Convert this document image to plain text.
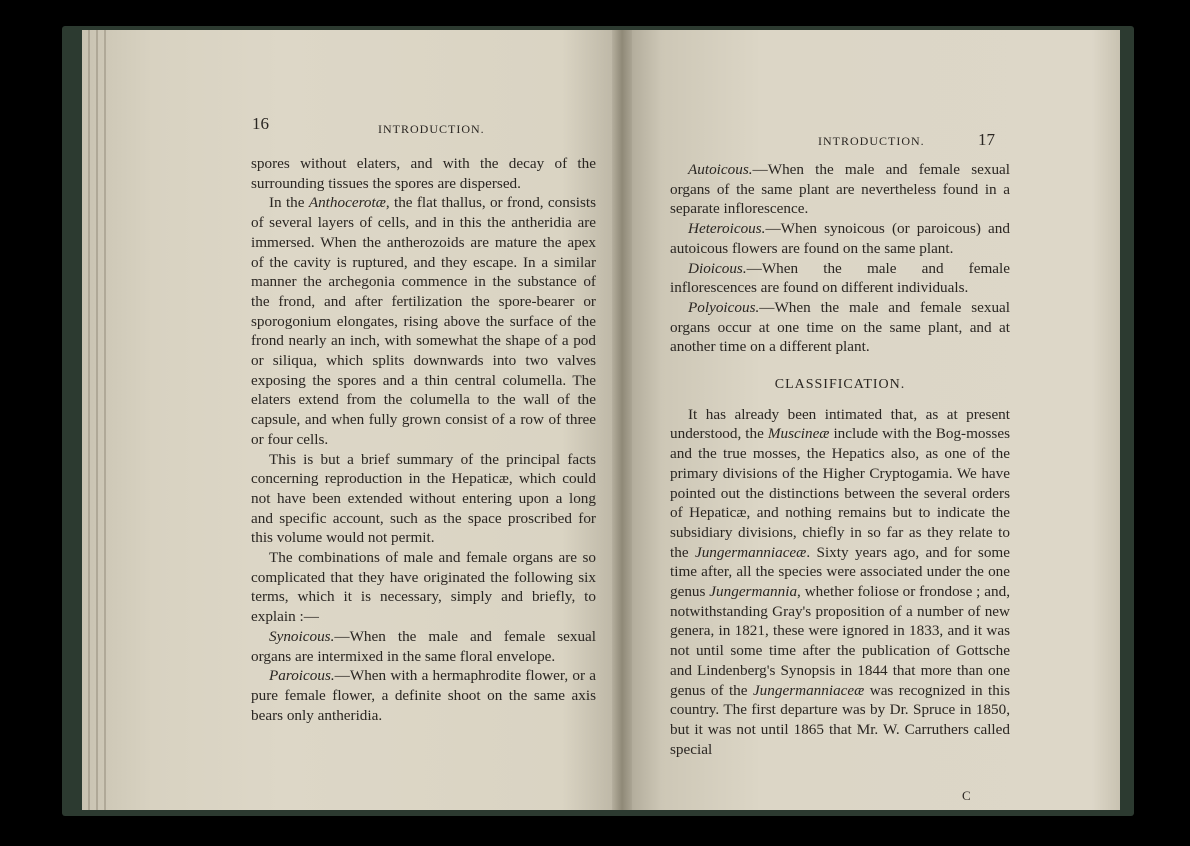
16	INTRODUCTION.

spores without elaters, and with the decay of the surrounding tissues the spores are dispersed.

In the Anthocerotæ, the flat thallus, or frond, consists of several layers of cells, and in this the antheridia are immersed. When the antherozoids are mature the apex of the cavity is ruptured, and they escape. In a similar manner the archegonia commence in the substance of the frond, and after fertilization the spore-bearer or sporogonium elongates, rising above the surface of the frond nearly an inch, with somewhat the shape of a pod or siliqua, which splits downwards into two valves exposing the spores and a thin central columella. The elaters extend from the columella to the wall of the capsule, and when fully grown consist of a row of three or four cells.

This is but a brief summary of the principal facts concerning reproduction in the Hepaticæ, which could not have been extended without entering upon a long and specific account, such as the space proscribed for this volume would not permit.

The combinations of male and female organs are so complicated that they have originated the following six terms, which it is necessary, simply and briefly, to explain :—

Synoicous.—When the male and female sexual organs are intermixed in the same floral envelope.

Paroicous.—When with a hermaphrodite flower, or a pure female flower, a definite shoot on the same axis bears only antheridia.

INTRODUCTION.	17

Autoicous.—When the male and female sexual organs of the same plant are nevertheless found in a separate inflorescence.

Heteroicous.—When synoicous (or paroicous) and autoicous flowers are found on the same plant.

Dioicous.—When the male and female inflorescences are found on different individuals.

Polyoicous.—When the male and female sexual organs occur at one time on the same plant, and at another time on a different plant.

CLASSIFICATION.

It has already been intimated that, as at present understood, the Muscineæ include with the Bog-mosses and the true mosses, the Hepatics also, as one of the primary divisions of the Higher Cryptogamia. We have pointed out the distinctions between the several orders of Hepaticæ, and nothing remains but to indicate the subsidiary divisions, chiefly in so far as they relate to the Jungermanniaceæ. Sixty years ago, and for some time after, all the species were associated under the one genus Jungermannia, whether foliose or frondose ; and, notwithstanding Gray's proposition of a number of new genera, in 1821, these were ignored in 1833, and it was not until some time after the publication of Gottsche and Lindenberg's Synopsis in 1844 that more than one genus of the Jungermanniaceæ was recognized in this country. The first departure was by Dr. Spruce in 1850, but it was not until 1865 that Mr. W. Carruthers called special

C
